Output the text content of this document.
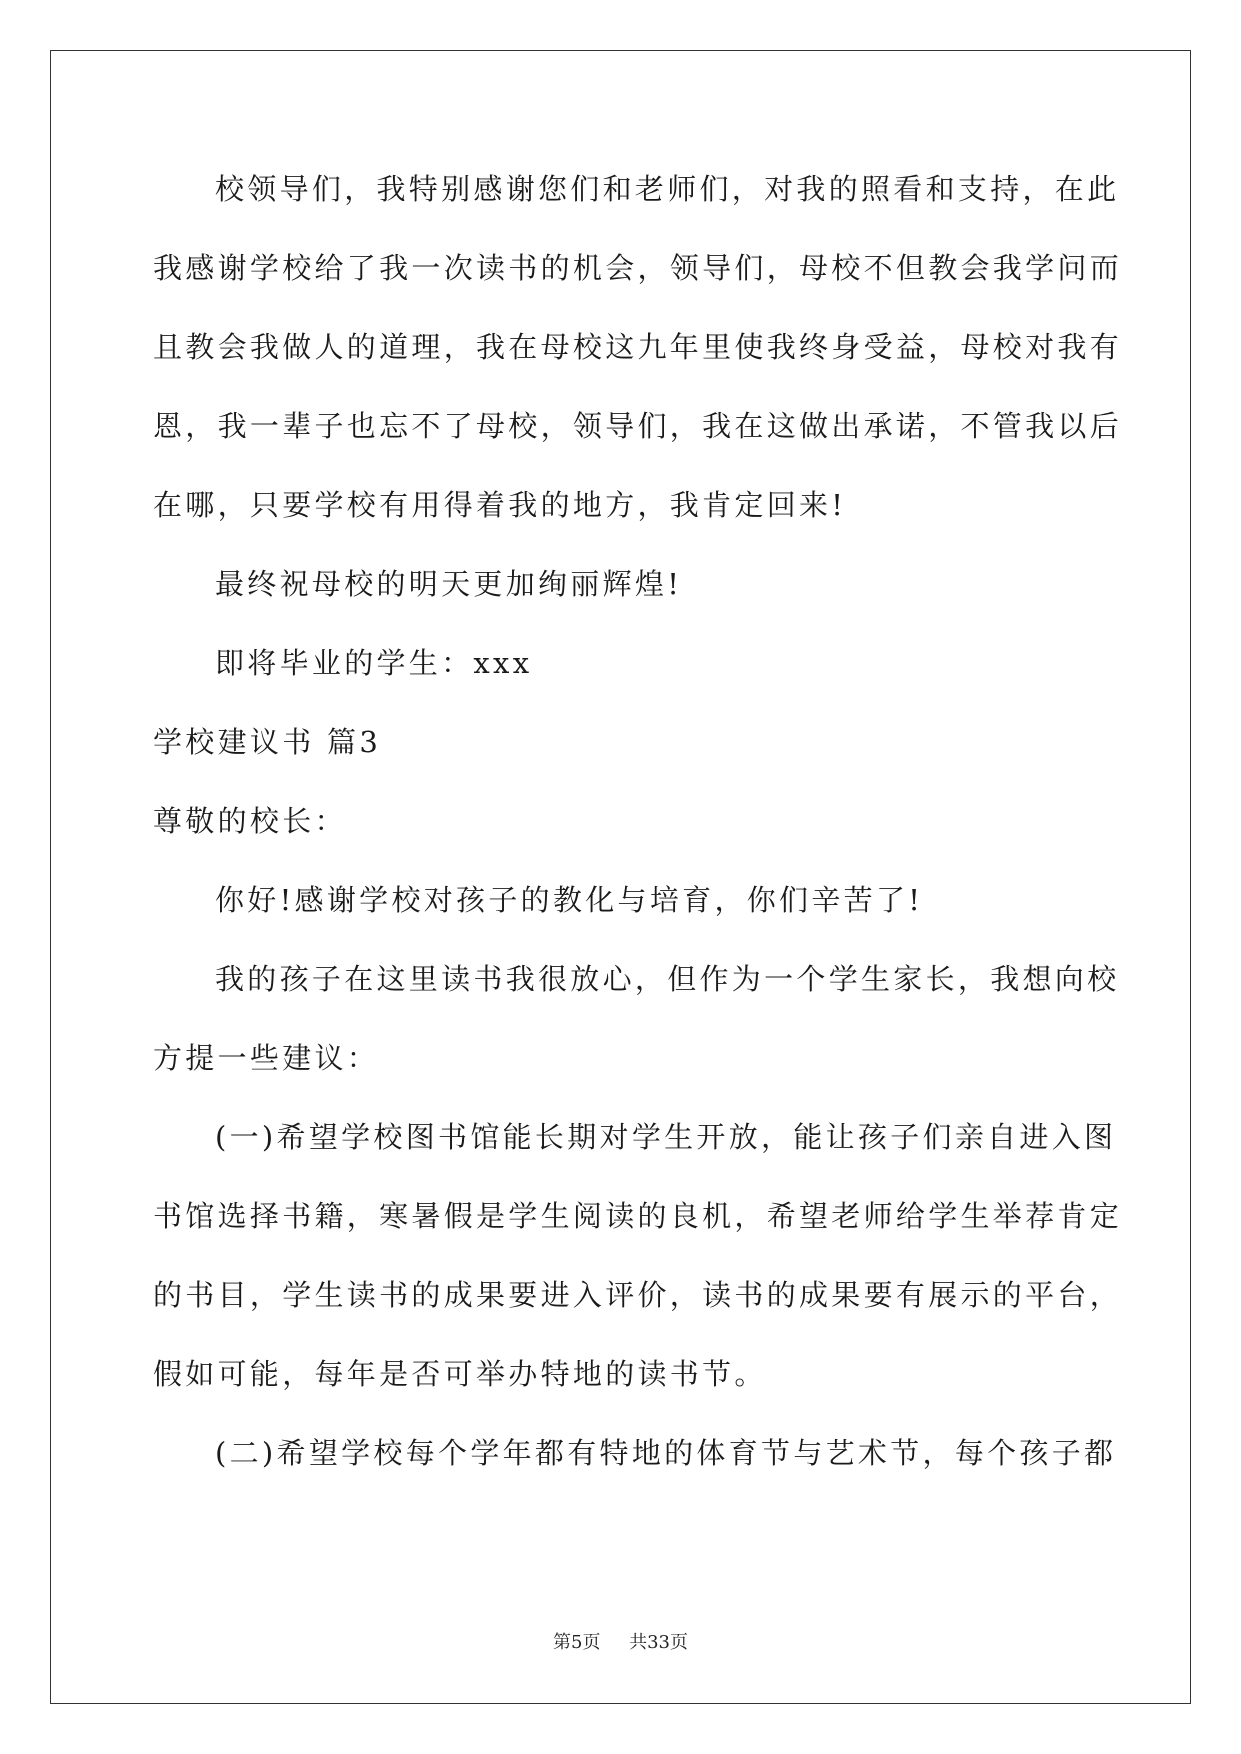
校领导们，我特别感谢您们和老师们，对我的照看和支持，在此
我感谢学校给了我一次读书的机会，领导们，母校不但教会我学问而
且教会我做人的道理，我在母校这九年里使我终身受益，母校对我有
恩，我一辈子也忘不了母校，领导们，我在这做出承诺，不管我以后
在哪，只要学校有用得着我的地方，我肯定回来!
最终祝母校的明天更加绚丽辉煌!
即将毕业的学生：xxx
学校建议书 篇3
尊敬的校长：
你好!感谢学校对孩子的教化与培育，你们辛苦了!
我的孩子在这里读书我很放心，但作为一个学生家长，我想向校
方提一些建议：
(一)希望学校图书馆能长期对学生开放，能让孩子们亲自进入图
书馆选择书籍，寒暑假是学生阅读的良机，希望老师给学生举荐肯定
的书目，学生读书的成果要进入评价，读书的成果要有展示的平台，
假如可能，每年是否可举办特地的读书节。
(二)希望学校每个学年都有特地的体育节与艺术节，每个孩子都
第5页 共33页
